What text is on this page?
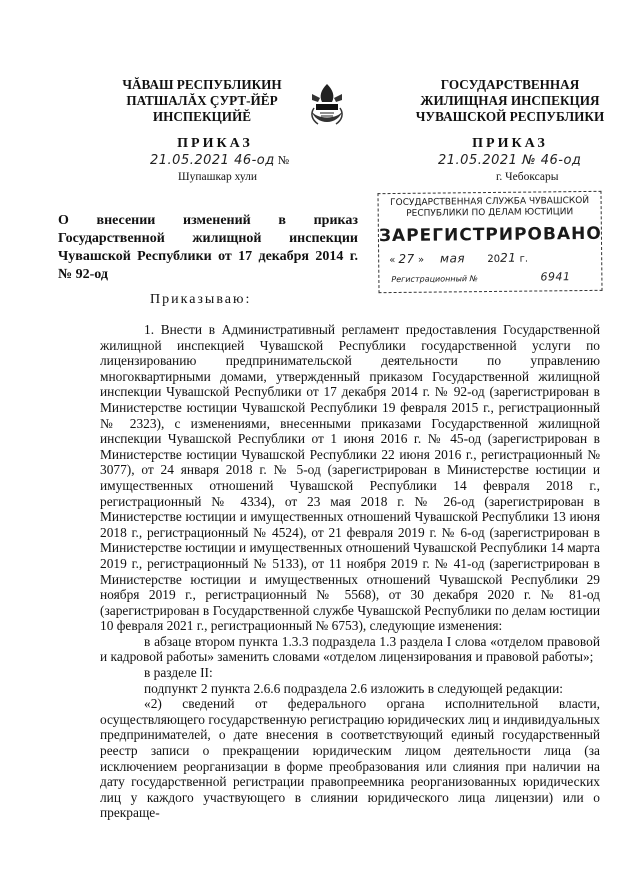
ЧĂВАШ РЕСПУБЛИКИН
ПАТШАЛĂХ ÇУРТ-ЙĔР
ИНСПЕКЦИЙĔ
ГОСУДАРСТВЕННАЯ
ЖИЛИЩНАЯ ИНСПЕКЦИЯ
ЧУВАШСКОЙ РЕСПУБЛИКИ
ПРИКАЗ	ПРИКАЗ
21.05.2021 46-од №	21.05.2021 № 46-од
Шупашкар хули	г. Чебоксары
ГОСУДАРСТВЕННАЯ СЛУЖБА ЧУВАШСКОЙ
РЕСПУБЛИКИ ПО ДЕЛАМ ЮСТИЦИИ
ЗАРЕГИСТРИРОВАНО
« 27 » мая 2021 г.
Регистрационный №	6941
О внесении изменений в приказ Государственной жилищной инспекции Чувашской Республики от 17 декабря 2014 г. № 92-од
Приказываю:

1. Внести в Административный регламент предоставления Государственной жилищной инспекцией Чувашской Республики государственной услуги по лицензированию предпринимательской деятельности по управлению многоквартирными домами, утвержденный приказом Государственной жилищной инспекции Чувашской Республики от 17 декабря 2014 г. № 92-од (зарегистрирован в Министерстве юстиции Чувашской Республики 19 февраля 2015 г., регистрационный № 2323), с изменениями, внесенными приказами Государственной жилищной инспекции Чувашской Республики от 1 июня 2016 г. № 45-од (зарегистрирован в Министерстве юстиции Чувашской Республики 22 июня 2016 г., регистрационный № 3077), от 24 января 2018 г. № 5-од (зарегистрирован в Министерстве юстиции и имущественных отношений Чувашской Республики 14 февраля 2018 г., регистрационный № 4334), от 23 мая 2018 г. № 26-од (зарегистрирован в Министерстве юстиции и имущественных отношений Чувашской Республики 13 июня 2018 г., регистрационный № 4524), от 21 февраля 2019 г. № 6-од (зарегистрирован в Министерстве юстиции и имущественных отношений Чувашской Республики 14 марта 2019 г., регистрационный № 5133), от 11 ноября 2019 г. № 41-од (зарегистрирован в Министерстве юстиции и имущественных отношений Чувашской Республики 29 ноября 2019 г., регистрационный № 5568), от 30 декабря 2020 г. № 81-од (зарегистрирован в Государственной службе Чувашской Республики по делам юстиции 10 февраля 2021 г., регистрационный № 6753), следующие изменения:

в абзаце втором пункта 1.3.3 подраздела 1.3 раздела I слова «отделом правовой и кадровой работы» заменить словами «отделом лицензирования и правовой работы»;

в разделе II:

подпункт 2 пункта 2.6.6 подраздела 2.6 изложить в следующей редакции:

«2) сведений от федерального органа исполнительной власти, осуществляющего государственную регистрацию юридических лиц и индивидуальных предпринимателей, о дате внесения в соответствующий единый государственный реестр записи о прекращении юридическим лицом деятельности лица (за исключением реорганизации в форме преобразования или слияния при наличии на дату государственной регистрации правопреемника реорганизованных юридических лиц у каждого участвующего в слиянии юридического лица лицензии) или о прекраще-
